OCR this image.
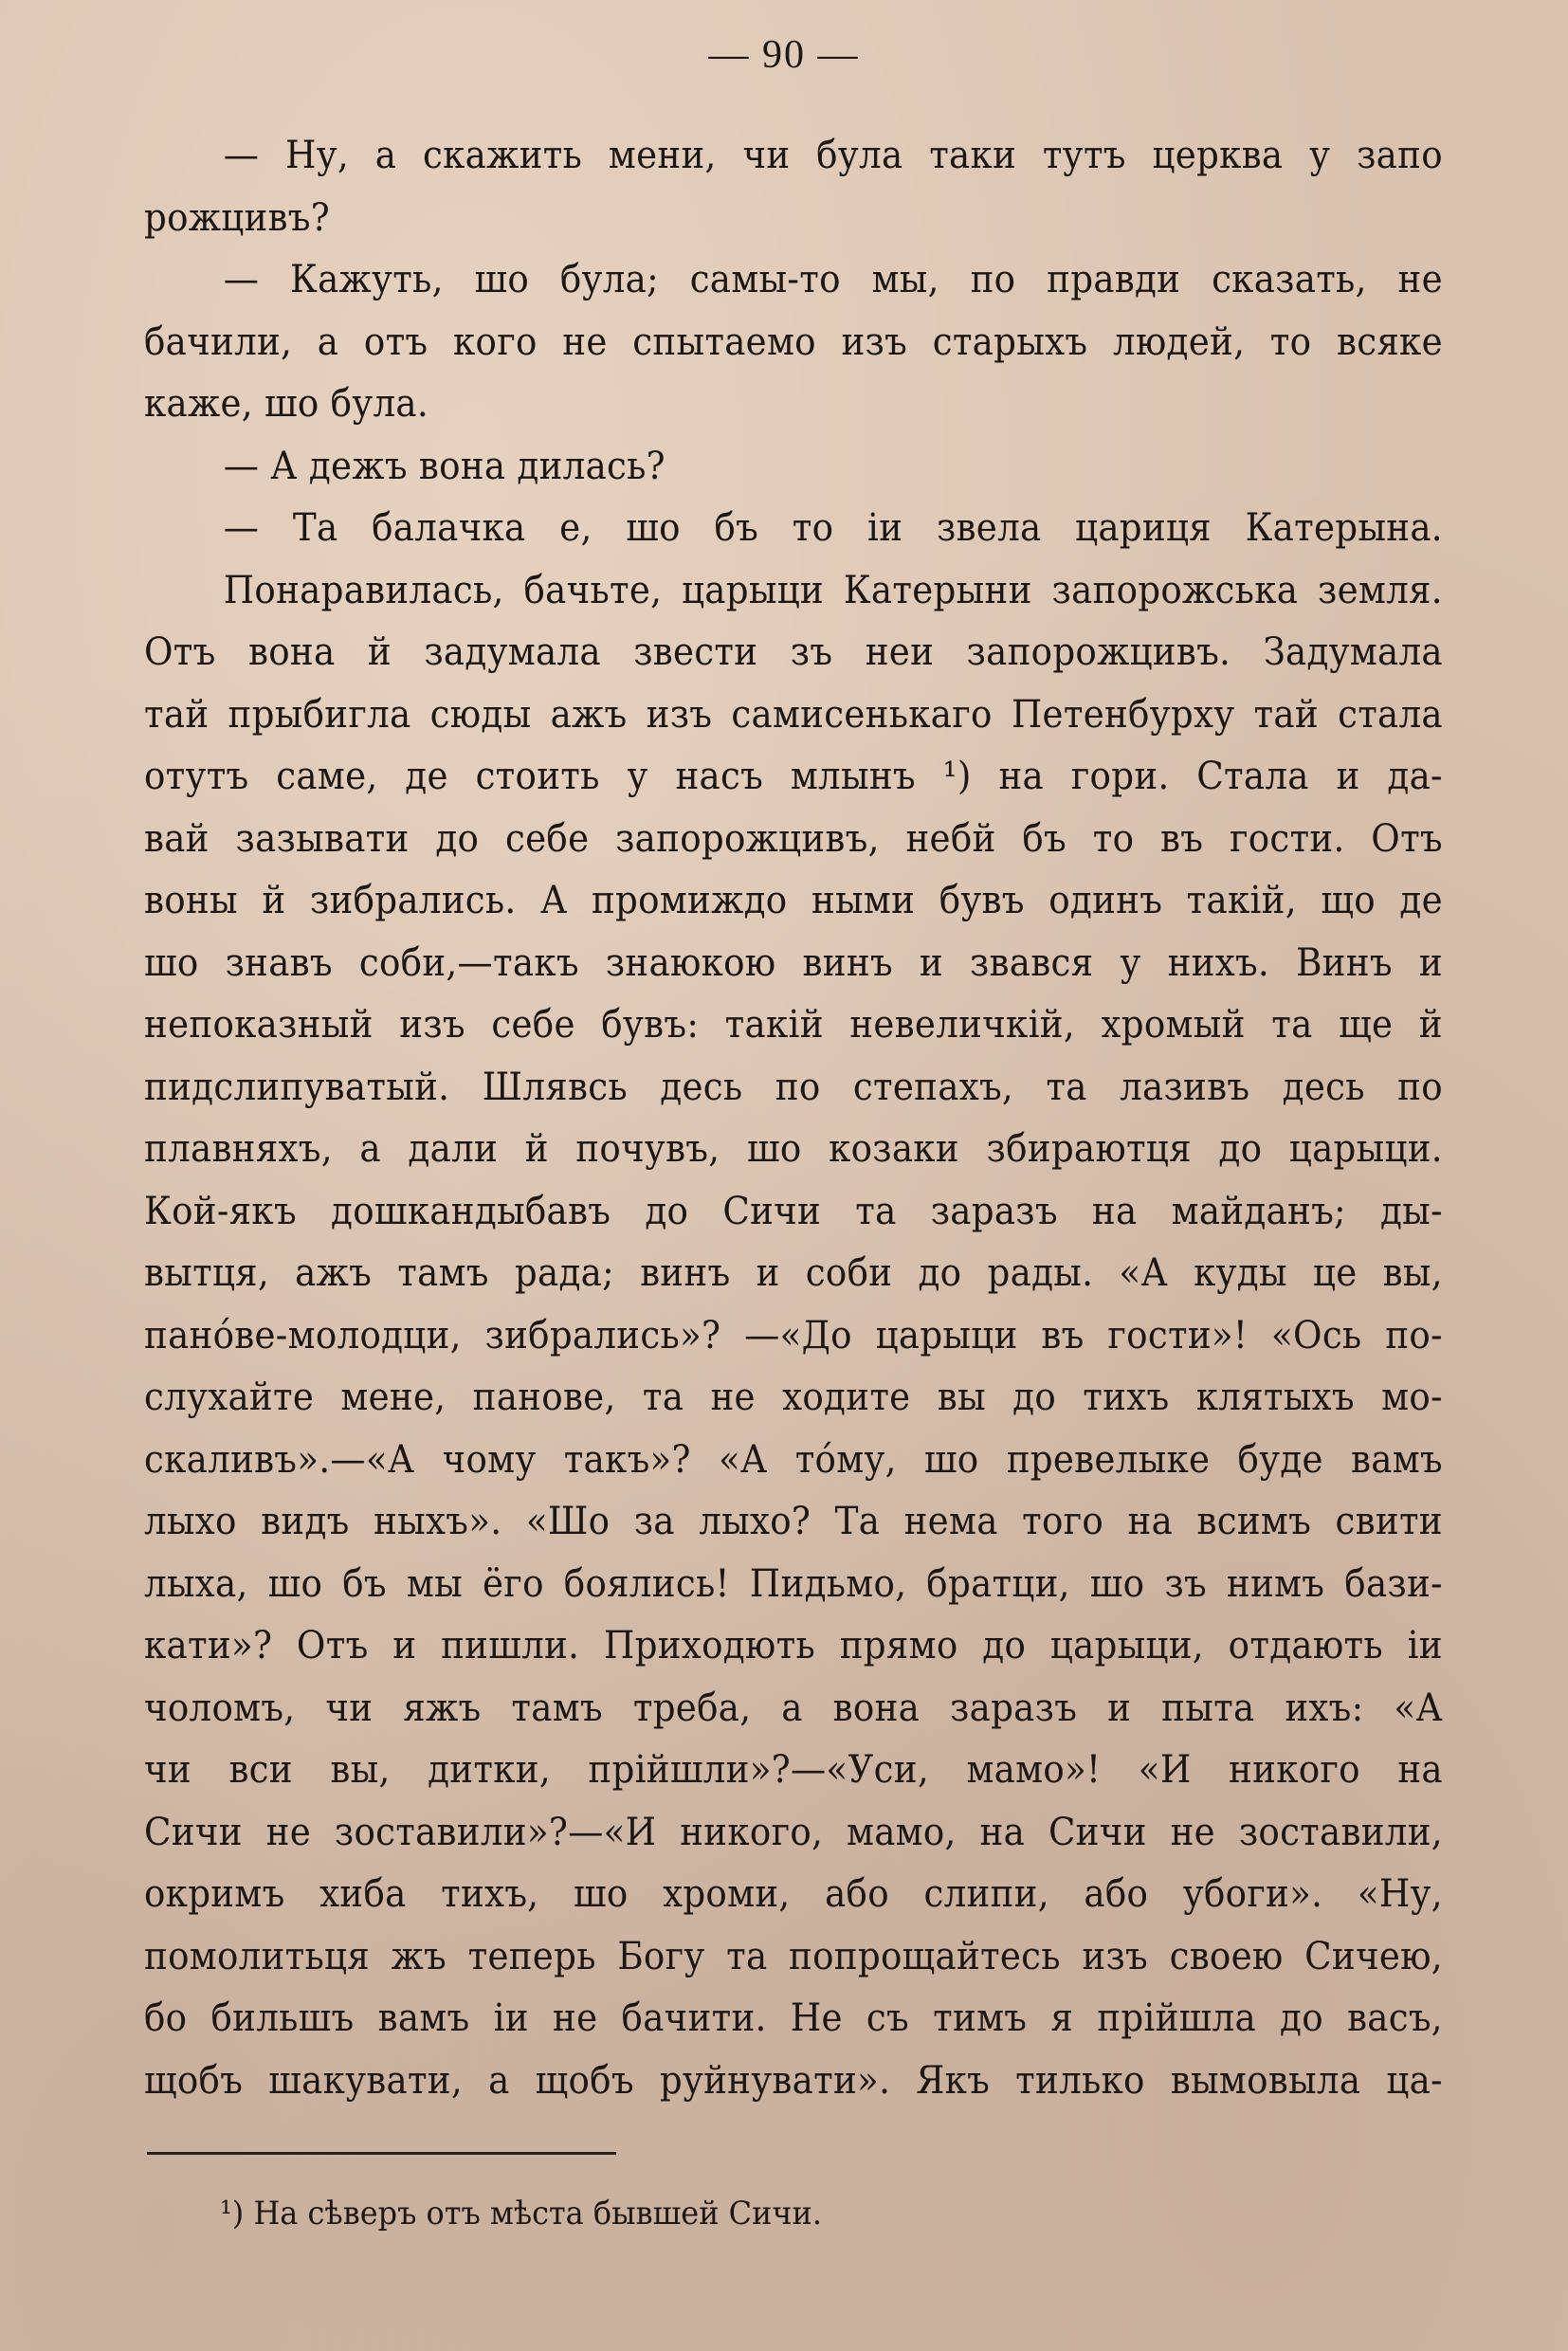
— 90 —
— Ну, а скажить мени, чи була таки тутъ церква у запо
рожцивъ?
— Кажуть, шо була; самы-то мы, по правди сказать, не
бачили, а отъ кого не спытаемо изъ старыхъ людей, то всяке
каже, шо була.
— А дежъ вона дилась?
— Та балачка е, шо бъ то іи звела цариця Катерына.
Понаравилась, бачьте, царыци Катерыни запорожська земля.
Отъ вона й задумала звести зъ неи запорожцивъ. Задумала
тай прыбигла сюды ажъ изъ самисенькаго Петенбурху тай стала
отутъ саме, де стоить у насъ млынъ ¹) на гори. Стала и да-
вай зазывати до себе запорожцивъ, небй бъ то въ гости. Отъ
воны й зибрались. А промиждо ными бувъ одинъ такій, що де
шо знавъ соби,—такъ знаюкою винъ и звався у нихъ. Винъ и
непоказный изъ себе бувъ: такій невеличкій, хромый та ще й
пидслипуватый. Шлявсь десь по степахъ, та лазивъ десь по
плавняхъ, а дали й почувъ, шо козаки збираютця до царыци.
Кой-якъ дошкандыбавъ до Сичи та заразъ на майданъ; ды-
вытця, ажъ тамъ рада; винъ и соби до рады. «А куды це вы,
панóве-молодци, зибрались»? —«До царыци въ гости»! «Ось по-
слухайте мене, панове, та не ходите вы до тихъ клятыхъ мо-
скаливъ».—«А чому такъ»? «А тóму, шо превелыке буде вамъ
лыхо видъ ныхъ». «Шо за лыхо? Та нема того на всимъ свити
лыха, шо бъ мы ёго боялись! Пидьмо, братци, шо зъ нимъ бази-
кати»? Отъ и пишли. Приходють прямо до царыци, отдають іи
чоломъ, чи яжъ тамъ треба, а вона заразъ и пыта ихъ: «А
чи вси вы, дитки, прійшли»?—«Уси, мамо»! «И никого на
Сичи не зоставили»?—«И никого, мамо, на Сичи не зоставили,
окримъ хиба тихъ, шо хроми, або слипи, або убоги». «Ну,
помолитьця жъ теперь Богу та попрощайтесь изъ своею Сичею,
бо бильшъ вамъ іи не бачити. Не съ тимъ я прійшла до васъ,
щобъ шакувати, а щобъ руйнувати». Якъ тилько вымовыла ца-
¹) На сѣверъ отъ мѣста бывшей Сичи.
